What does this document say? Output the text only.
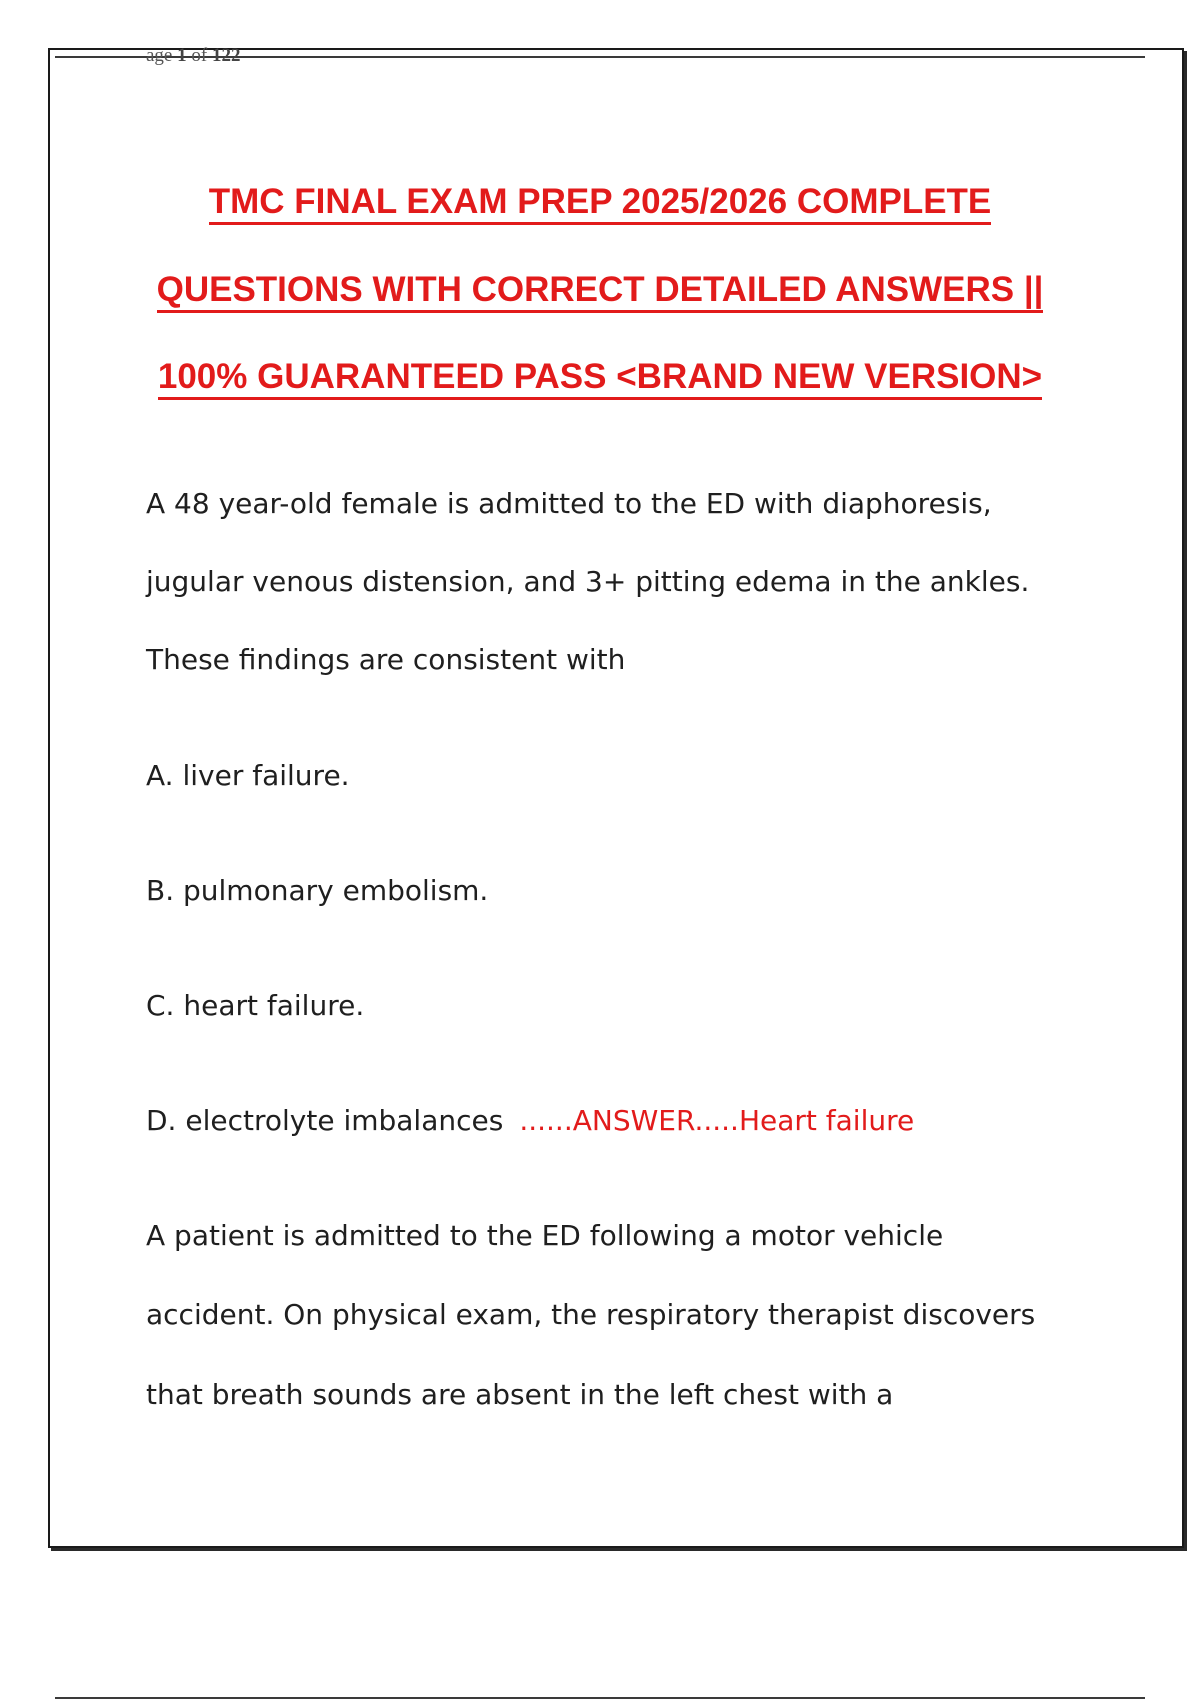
age 1 of 122
TMC FINAL EXAM PREP 2025/2026 COMPLETE
QUESTIONS WITH CORRECT DETAILED ANSWERS ||
100% GUARANTEED PASS <BRAND NEW VERSION>
A 48 year-old female is admitted to the ED with diaphoresis,
jugular venous distension, and 3+ pitting edema in the ankles.
These findings are consistent with
A. liver failure.
B. pulmonary embolism.
C. heart failure.
D. electrolyte imbalances ......ANSWER.....Heart failure
A patient is admitted to the ED following a motor vehicle
accident. On physical exam, the respiratory therapist discovers
that breath sounds are absent in the left chest with a
